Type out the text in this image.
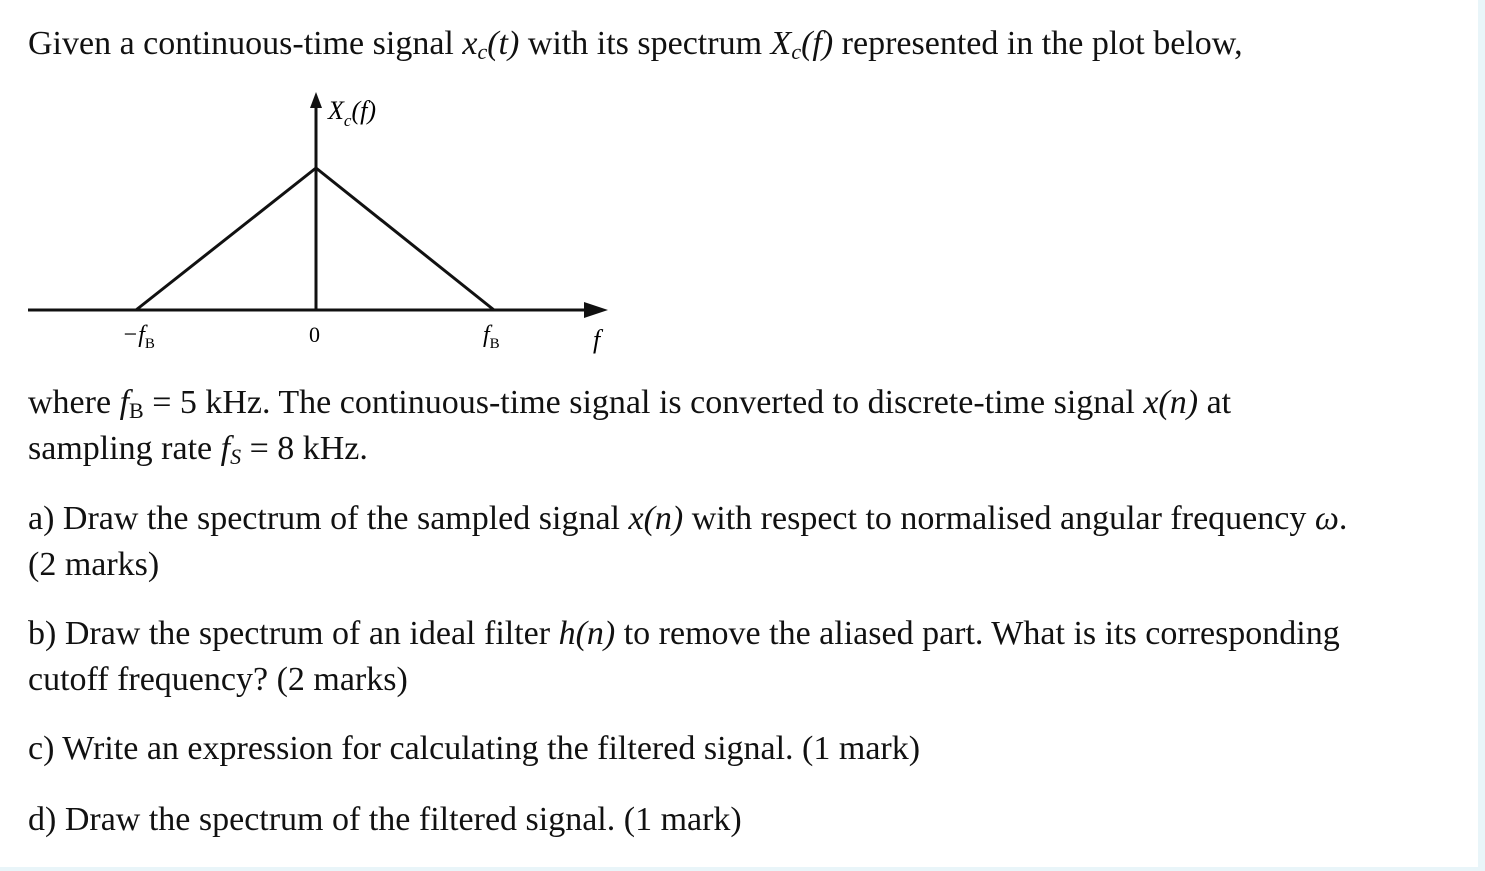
Given a continuous-time signal $x_c(t)$ with its spectrum $X_c(f)$ represented in the plot below,
$X_c(f)$
$-f_B$	0	$f_B$	f
where $f_B = 5$ kHz. The continuous-time signal is converted to discrete-time signal x(n) at
sampling rate $f_S = 8$ kHz.
a) Draw the spectrum of the sampled signal x(n) with respect to normalised angular frequency ω.
(2 marks)
b) Draw the spectrum of an ideal filter h(n) to remove the aliased part. What is its corresponding
cutoff frequency? (2 marks)
c) Write an expression for calculating the filtered signal. (1 mark)
d) Draw the spectrum of the filtered signal. (1 mark)
